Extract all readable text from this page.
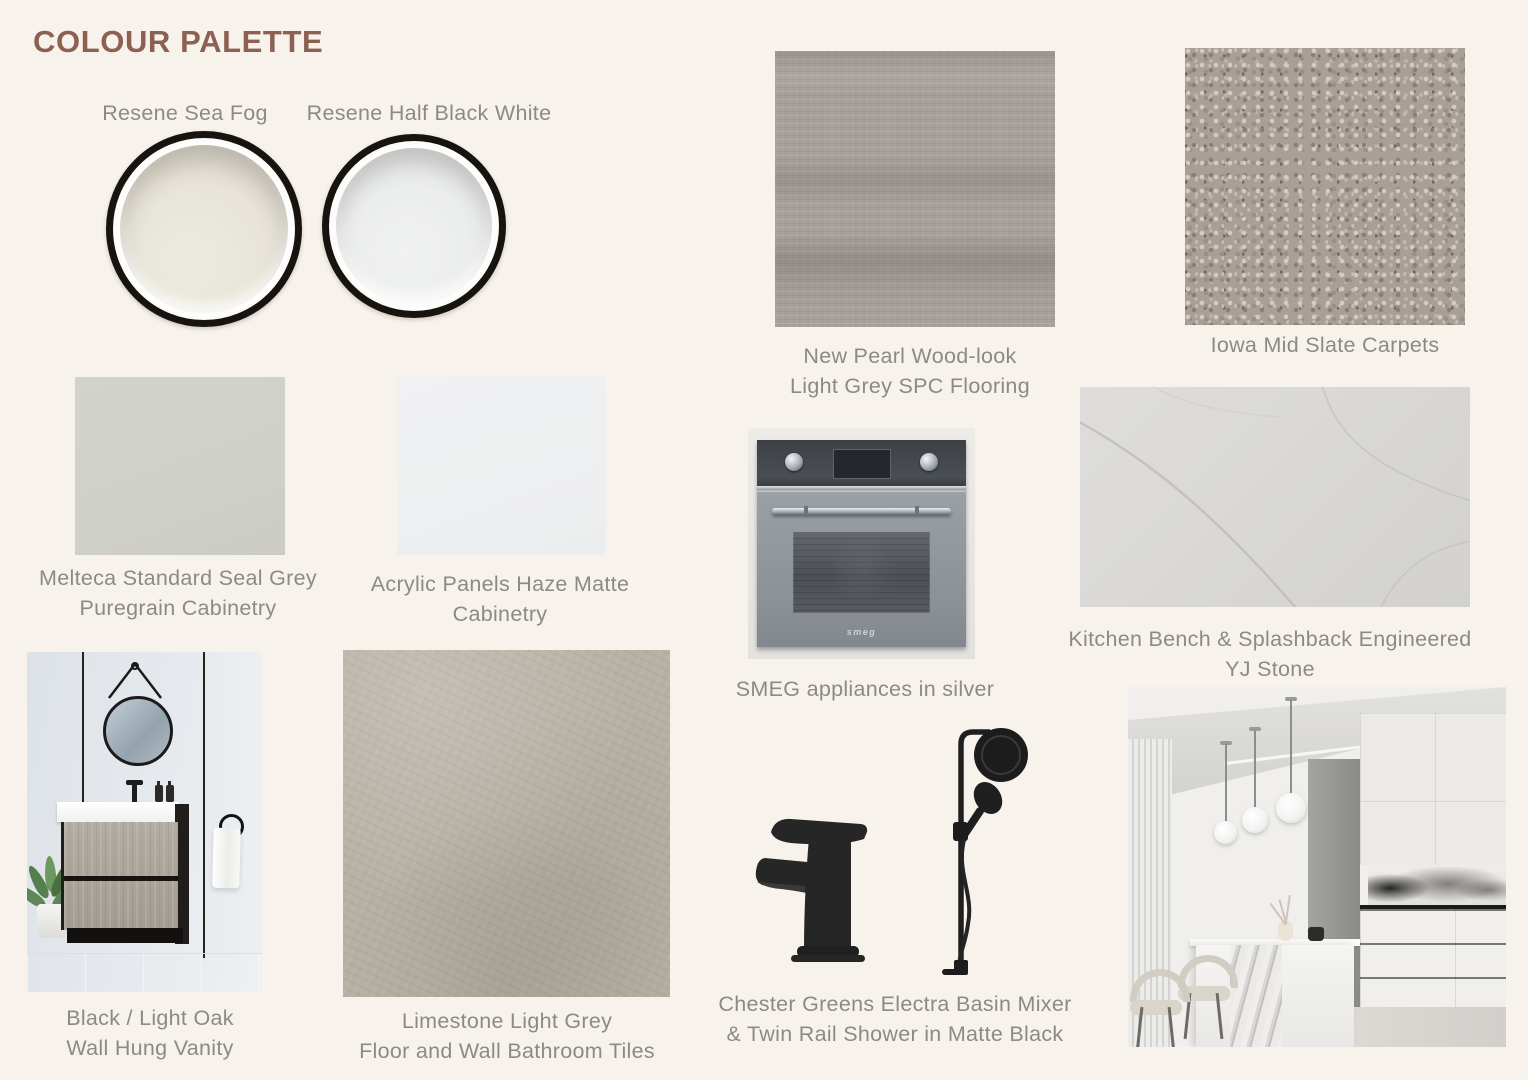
COLOUR PALETTE
Resene Sea Fog	Resene Half Black White
New Pearl Wood-look
Light Grey SPC Flooring
Iowa Mid Slate Carpets
Melteca Standard Seal Grey
Puregrain Cabinetry
Acrylic Panels Haze Matte
Cabinetry
smeg
SMEG appliances in silver
Kitchen Bench & Splashback Engineered
YJ Stone
Black / Light Oak
Wall Hung Vanity
Limestone Light Grey
Floor and Wall Bathroom Tiles
Chester Greens Electra Basin Mixer
& Twin Rail Shower in Matte Black
